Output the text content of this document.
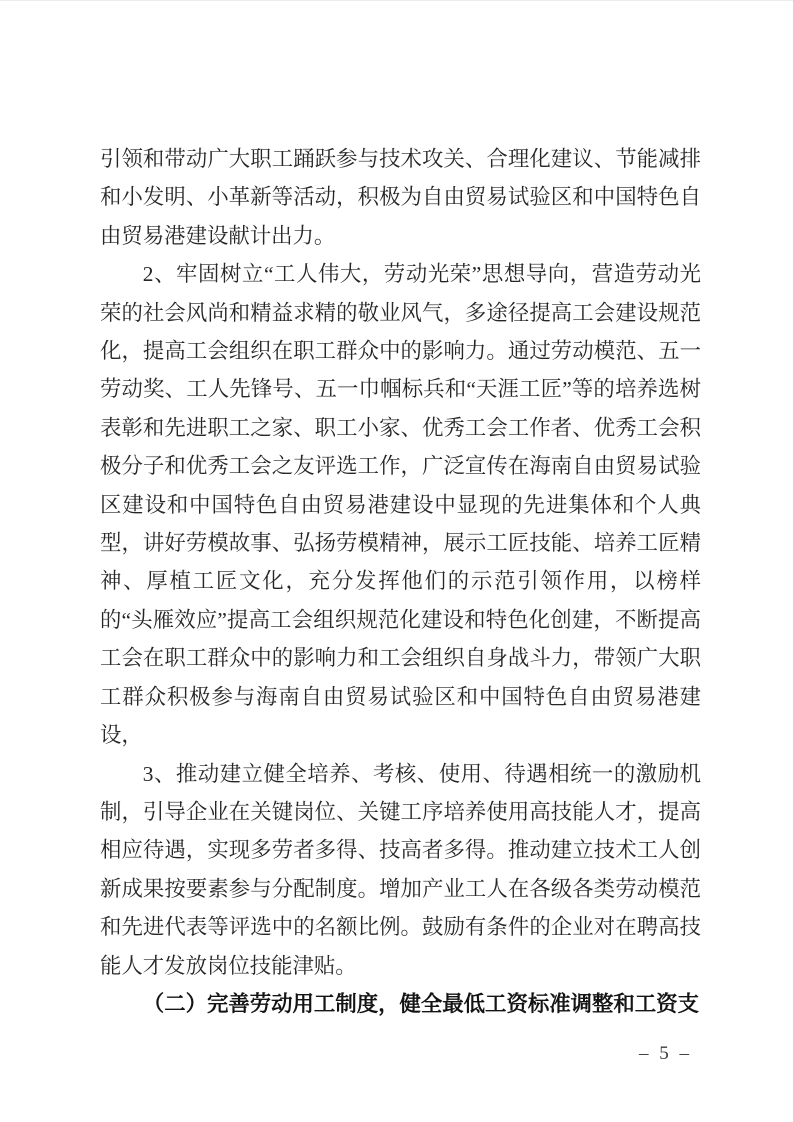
引领和带动广大职工踊跃参与技术攻关、合理化建议、节能减排和小发明、小革新等活动，积极为自由贸易试验区和中国特色自由贸易港建设献计出力。

2、牢固树立“工人伟大，劳动光荣”思想导向，营造劳动光荣的社会风尚和精益求精的敬业风气，多途径提高工会建设规范化，提高工会组织在职工群众中的影响力。通过劳动模范、五一劳动奖、工人先锋号、五一巾帼标兵和“天涯工匠”等的培养选树表彰和先进职工之家、职工小家、优秀工会工作者、优秀工会积极分子和优秀工会之友评选工作，广泛宣传在海南自由贸易试验区建设和中国特色自由贸易港建设中显现的先进集体和个人典型，讲好劳模故事、弘扬劳模精神，展示工匠技能、培养工匠精神、厚植工匠文化，充分发挥他们的示范引领作用，以榜样的“头雁效应”提高工会组织规范化建设和特色化创建，不断提高工会在职工群众中的影响力和工会组织自身战斗力，带领广大职工群众积极参与海南自由贸易试验区和中国特色自由贸易港建设，

3、推动建立健全培养、考核、使用、待遇相统一的激励机制，引导企业在关键岗位、关键工序培养使用高技能人才，提高相应待遇，实现多劳者多得、技高者多得。推动建立技术工人创新成果按要素参与分配制度。增加产业工人在各级各类劳动模范和先进代表等评选中的名额比例。鼓励有条件的企业对在聘高技能人才发放岗位技能津贴。

（二）完善劳动用工制度，健全最低工资标准调整和工资支

– 5 –
